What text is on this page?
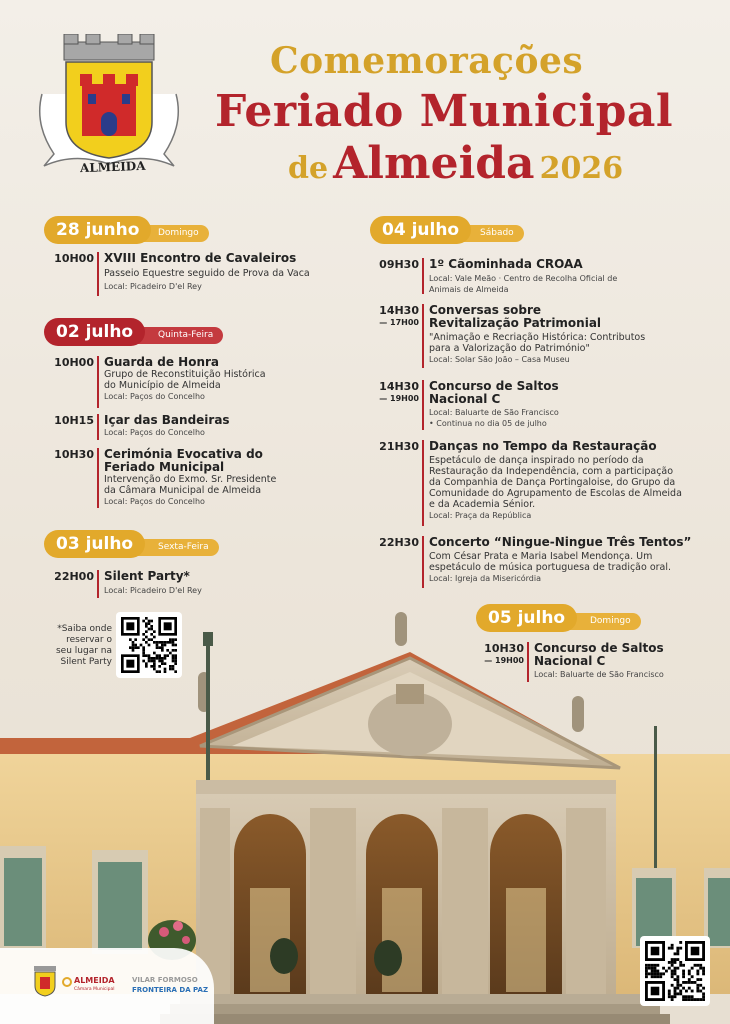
ALMEIDA
Comemorações
Feriado Municipal
de Almeida 2026
28 junho	Domingo
10H00 XVIII Encontro de Cavaleiros
Passeio Equestre seguido de Prova da Vaca
Local: Picadeiro D'el Rey
02 julho	Quinta-Feira
10H00 Guarda de Honra
Grupo de Reconstituição Histórica
do Município de Almeida
Local: Paços do Concelho
10H15 Içar das Bandeiras
Local: Paços do Concelho
10H30 Cerimónia Evocativa do
Feriado Municipal
Intervenção do Exmo. Sr. Presidente
da Câmara Municipal de Almeida
Local: Paços do Concelho
03 julho	Sexta-Feira
22H00 Silent Party*
Local: Picadeiro D'el Rey
*Saiba onde
reservar o
seu lugar na
Silent Party
04 julho	Sábado
09H30 1º Cãominhada CROAA
Local: Vale Meão · Centro de Recolha Oficial de
Animais de Almeida
14H30
— 17H00
Conversas sobre
Revitalização Patrimonial
"Animação e Recriação Histórica: Contributos
para a Valorização do Património"
Local: Solar São João – Casa Museu
14H30
— 19H00
Concurso de Saltos
Nacional C
Local: Baluarte de São Francisco
• Continua no dia 05 de julho
21H30 Danças no Tempo da Restauração
Espetáculo de dança inspirado no período da
Restauração da Independência, com a participação
da Companhia de Dança Portingaloise, do Grupo da
Comunidade do Agrupamento de Escolas de Almeida
e da Academia Sénior.
Local: Praça da República
22H30 Concerto “Ningue-Ningue Três Tentos”
Com César Prata e Maria Isabel Mendonça. Um
espetáculo de música portuguesa de tradição oral.
Local: Igreja da Misericórdia
05 julho	Domingo
10H30
— 19H00
Concurso de Saltos
Nacional C
Local: Baluarte de São Francisco
ALMEIDA
Câmara Municipal
VILAR FORMOSO
FRONTEIRA DA PAZ
